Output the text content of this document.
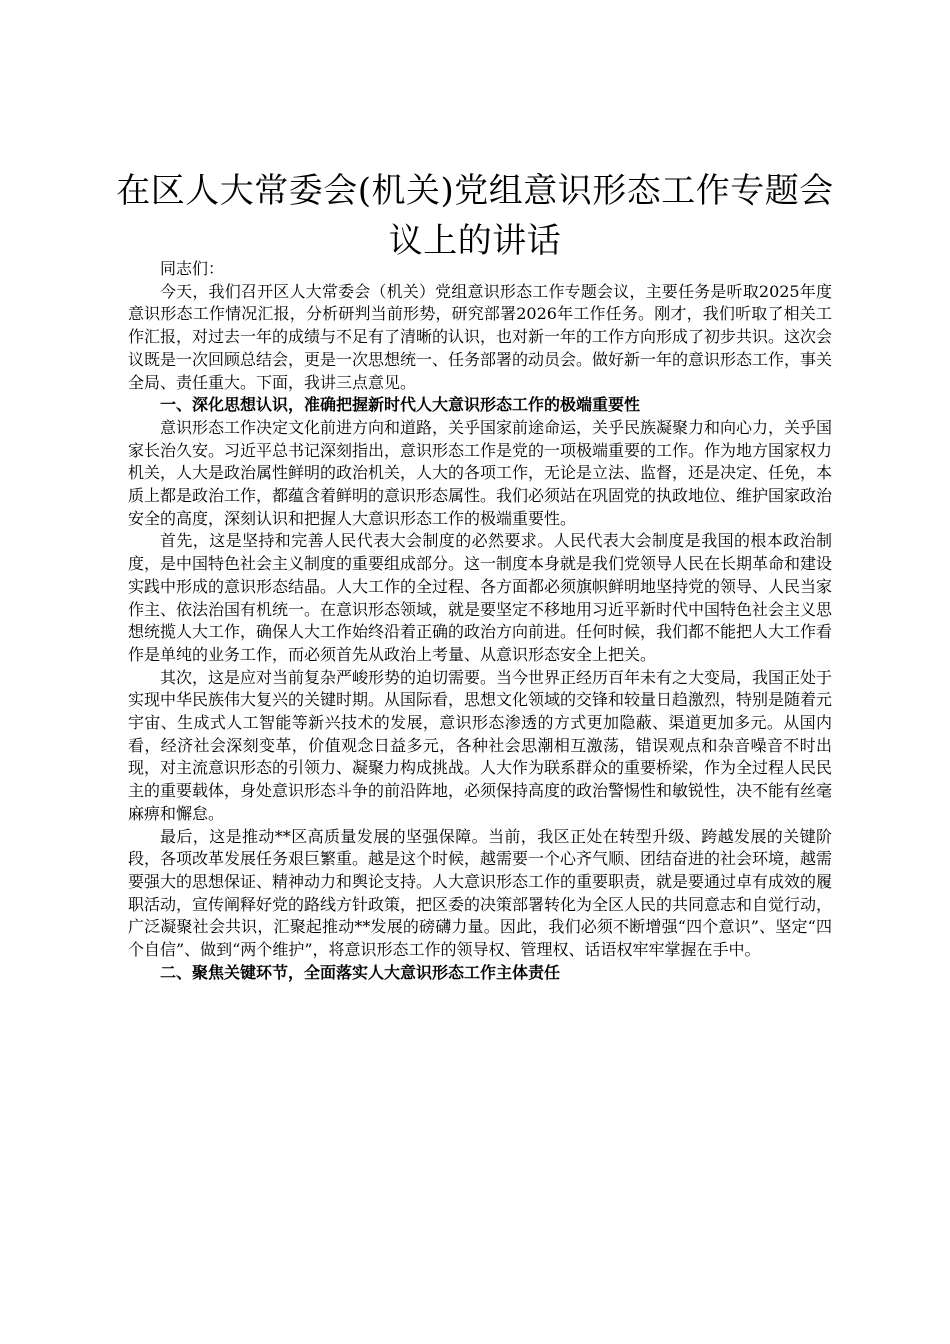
在区人大常委会(机关)党组意识形态工作专题会议上的讲话

同志们：

今天，我们召开区人大常委会（机关）党组意识形态工作专题会议，主要任务是听取2025年度意识形态工作情况汇报，分析研判当前形势，研究部署2026年工作任务。刚才，我们听取了相关工作汇报，对过去一年的成绩与不足有了清晰的认识，也对新一年的工作方向形成了初步共识。这次会议既是一次回顾总结会，更是一次思想统一、任务部署的动员会。做好新一年的意识形态工作，事关全局、责任重大。下面，我讲三点意见。

一、深化思想认识，准确把握新时代人大意识形态工作的极端重要性

意识形态工作决定文化前进方向和道路，关乎国家前途命运，关乎民族凝聚力和向心力，关乎国家长治久安。习近平总书记深刻指出，意识形态工作是党的一项极端重要的工作。作为地方国家权力机关，人大是政治属性鲜明的政治机关，人大的各项工作，无论是立法、监督，还是决定、任免，本质上都是政治工作，都蕴含着鲜明的意识形态属性。我们必须站在巩固党的执政地位、维护国家政治安全的高度，深刻认识和把握人大意识形态工作的极端重要性。

首先，这是坚持和完善人民代表大会制度的必然要求。人民代表大会制度是我国的根本政治制度，是中国特色社会主义制度的重要组成部分。这一制度本身就是我们党领导人民在长期革命和建设实践中形成的意识形态结晶。人大工作的全过程、各方面都必须旗帜鲜明地坚持党的领导、人民当家作主、依法治国有机统一。在意识形态领域，就是要坚定不移地用习近平新时代中国特色社会主义思想统揽人大工作，确保人大工作始终沿着正确的政治方向前进。任何时候，我们都不能把人大工作看作是单纯的业务工作，而必须首先从政治上考量、从意识形态安全上把关。

其次，这是应对当前复杂严峻形势的迫切需要。当今世界正经历百年未有之大变局，我国正处于实现中华民族伟大复兴的关键时期。从国际看，思想文化领域的交锋和较量日趋激烈，特别是随着元宇宙、生成式人工智能等新兴技术的发展，意识形态渗透的方式更加隐蔽、渠道更加多元。从国内看，经济社会深刻变革，价值观念日益多元，各种社会思潮相互激荡，错误观点和杂音噪音不时出现，对主流意识形态的引领力、凝聚力构成挑战。人大作为联系群众的重要桥梁，作为全过程人民民主的重要载体，身处意识形态斗争的前沿阵地，必须保持高度的政治警惕性和敏锐性，决不能有丝毫麻痹和懈怠。

最后，这是推动**区高质量发展的坚强保障。当前，我区正处在转型升级、跨越发展的关键阶段，各项改革发展任务艰巨繁重。越是这个时候，越需要一个心齐气顺、团结奋进的社会环境，越需要强大的思想保证、精神动力和舆论支持。人大意识形态工作的重要职责，就是要通过卓有成效的履职活动，宣传阐释好党的路线方针政策，把区委的决策部署转化为全区人民的共同意志和自觉行动，广泛凝聚社会共识，汇聚起推动**发展的磅礴力量。因此，我们必须不断增强“四个意识”、坚定“四个自信”、做到“两个维护”，将意识形态工作的领导权、管理权、话语权牢牢掌握在手中。

二、聚焦关键环节，全面落实人大意识形态工作主体责任
